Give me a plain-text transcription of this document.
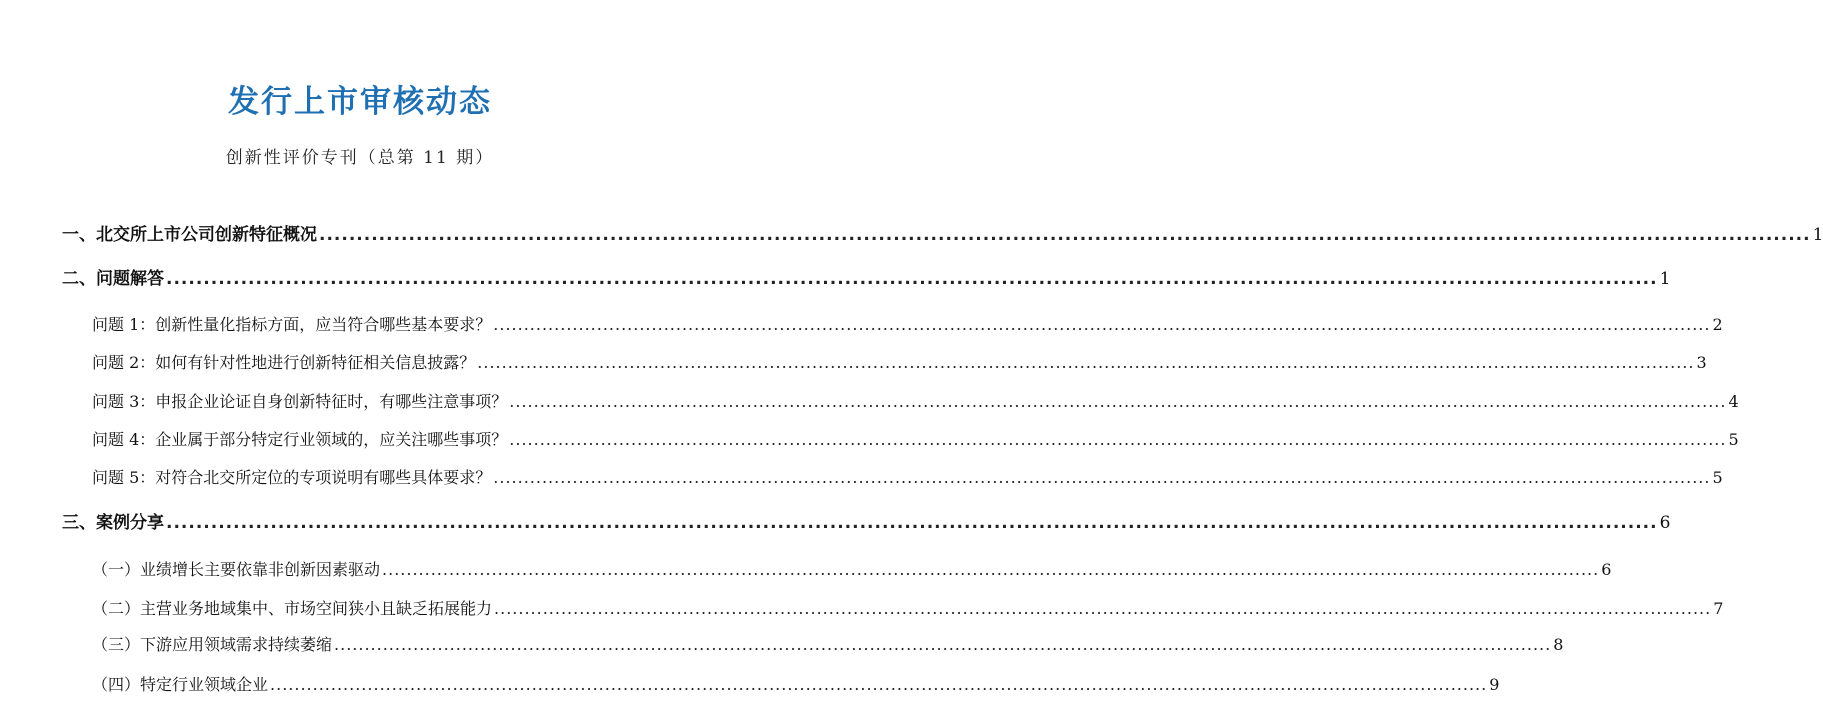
发行上市审核动态
创新性评价专刊（总第 11 期）
一、北交所上市公司创新特征概况 ........................................................................................................................................................................................................ 1
二、问题解答 ........................................................................................................................................................................................................ 1
问题 1：创新性量化指标方面，应当符合哪些基本要求？ ........................................................................................................................................................................................................ 2
问题 2：如何有针对性地进行创新特征相关信息披露？ ........................................................................................................................................................................................................ 3
问题 3：申报企业论证自身创新特征时，有哪些注意事项？ ........................................................................................................................................................................................................ 4
问题 4：企业属于部分特定行业领域的，应关注哪些事项？ ........................................................................................................................................................................................................ 5
问题 5：对符合北交所定位的专项说明有哪些具体要求？ ........................................................................................................................................................................................................ 5
三、案例分享 ........................................................................................................................................................................................................ 6
（一）业绩增长主要依靠非创新因素驱动 ........................................................................................................................................................................................................ 6
（二）主营业务地域集中、市场空间狭小且缺乏拓展能力 ........................................................................................................................................................................................................ 7
（三）下游应用领域需求持续萎缩 ........................................................................................................................................................................................................ 8
（四）特定行业领域企业 ........................................................................................................................................................................................................ 9
